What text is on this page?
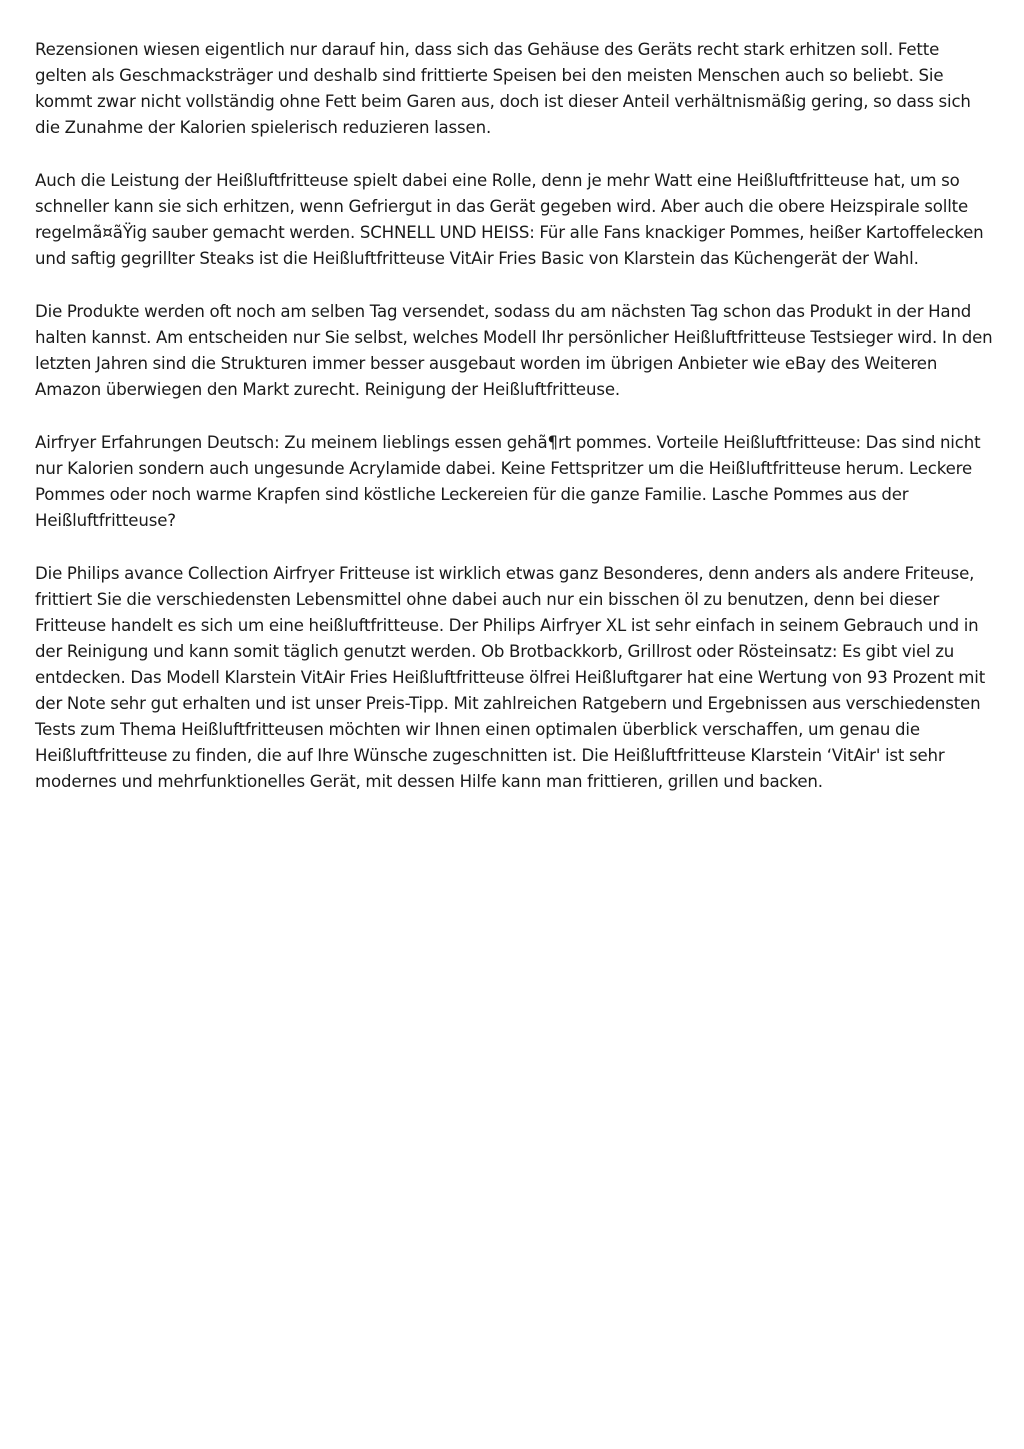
Rezensionen wiesen eigentlich nur darauf hin, dass sich das Gehäuse des Geräts recht stark erhitzen soll. Fette gelten als Geschmacksträger und deshalb sind frittierte Speisen bei den meisten Menschen auch so beliebt. Sie kommt zwar nicht vollständig ohne Fett beim Garen aus, doch ist dieser Anteil verhältnismäßig gering, so dass sich die Zunahme der Kalorien spielerisch reduzieren lassen.

Auch die Leistung der Heißluftfritteuse spielt dabei eine Rolle, denn je mehr Watt eine Heißluftfritteuse hat, um so schneller kann sie sich erhitzen, wenn Gefriergut in das Gerät gegeben wird. Aber auch die obere Heizspirale sollte regelmã¤ãŸig sauber gemacht werden. SCHNELL UND HEISS: Für alle Fans knackiger Pommes, heißer Kartoffelecken und saftig gegrillter Steaks ist die Heißluftfritteuse VitAir Fries Basic von Klarstein das Küchengerät der Wahl.

Die Produkte werden oft noch am selben Tag versendet, sodass du am nächsten Tag schon das Produkt in der Hand halten kannst. Am entscheiden nur Sie selbst, welches Modell Ihr persönlicher Heißluftfritteuse Testsieger wird. In den letzten Jahren sind die Strukturen immer besser ausgebaut worden im übrigen Anbieter wie eBay des Weiteren Amazon überwiegen den Markt zurecht. Reinigung der Heißluftfritteuse.

Airfryer Erfahrungen Deutsch: Zu meinem lieblings essen gehã¶rt pommes. Vorteile Heißluftfritteuse: Das sind nicht nur Kalorien sondern auch ungesunde Acrylamide dabei. Keine Fettspritzer um die Heißluftfritteuse herum. Leckere Pommes oder noch warme Krapfen sind köstliche Leckereien für die ganze Familie. Lasche Pommes aus der Heißluftfritteuse?

Die Philips avance Collection Airfryer Fritteuse ist wirklich etwas ganz Besonderes, denn anders als andere Friteuse, frittiert Sie die verschiedensten Lebensmittel ohne dabei auch nur ein bisschen öl zu benutzen, denn bei dieser Fritteuse handelt es sich um eine heißluftfritteuse. Der Philips Airfryer XL ist sehr einfach in seinem Gebrauch und in der Reinigung und kann somit täglich genutzt werden. Ob Brotbackkorb, Grillrost oder Rösteinsatz: Es gibt viel zu entdecken. Das Modell Klarstein VitAir Fries Heißluftfritteuse ölfrei Heißluftgarer hat eine Wertung von 93 Prozent mit der Note sehr gut erhalten und ist unser Preis-Tipp. Mit zahlreichen Ratgebern und Ergebnissen aus verschiedensten Tests zum Thema Heißluftfritteusen möchten wir Ihnen einen optimalen überblick verschaffen, um genau die Heißluftfritteuse zu finden, die auf Ihre Wünsche zugeschnitten ist. Die Heißluftfritteuse Klarstein ‘VitAir' ist sehr modernes und mehrfunktionelles Gerät, mit dessen Hilfe kann man frittieren, grillen und backen.
